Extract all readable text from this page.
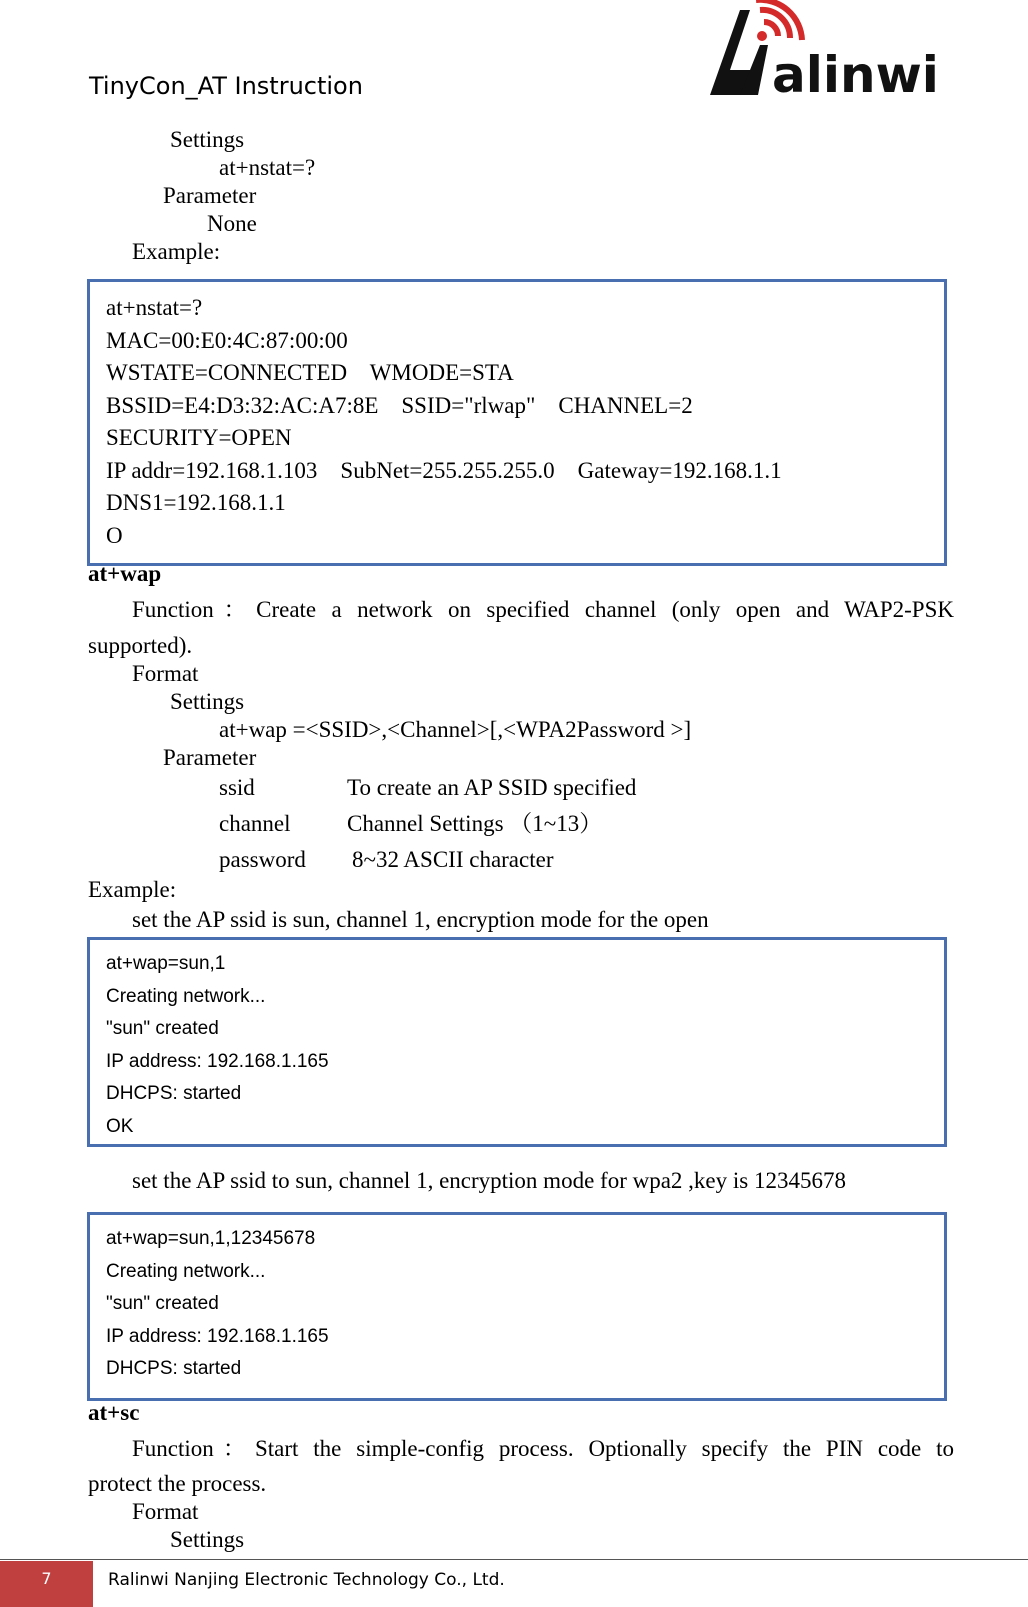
TinyCon_AT Instruction	alinwi
Settings
at+nstat=?
Parameter
None
Example:
at+nstat=?
MAC=00:E0:4C:87:00:00
WSTATE=CONNECTED    WMODE=STA
BSSID=E4:D3:32:AC:A7:8E    SSID="rlwap"    CHANNEL=2
SECURITY=OPEN
IP addr=192.168.1.103    SubNet=255.255.255.0    Gateway=192.168.1.1
DNS1=192.168.1.1
O
at+wap
Function：Create a network on specified channel (only open and WAP2-PSK
supported).
Format
Settings
at+wap =<SSID>,<Channel>[,<WPA2Password >]
Parameter
ssid	To create an AP SSID specified
channel Channel Settings （1~13）
password 8~32 ASCII character
Example:
set the AP ssid is sun, channel 1, encryption mode for the open
at+wap=sun,1
Creating network...
"sun" created
IP address: 192.168.1.165
DHCPS: started
OK
set the AP ssid to sun, channel 1, encryption mode for wpa2 ,key is 12345678
at+wap=sun,1,12345678
Creating network...
"sun" created
IP address: 192.168.1.165
DHCPS: started
at+sc
Function：Start the simple-config process. Optionally specify the PIN code to
protect the process.
Format
Settings
7	Ralinwi Nanjing Electronic Technology Co., Ltd.
